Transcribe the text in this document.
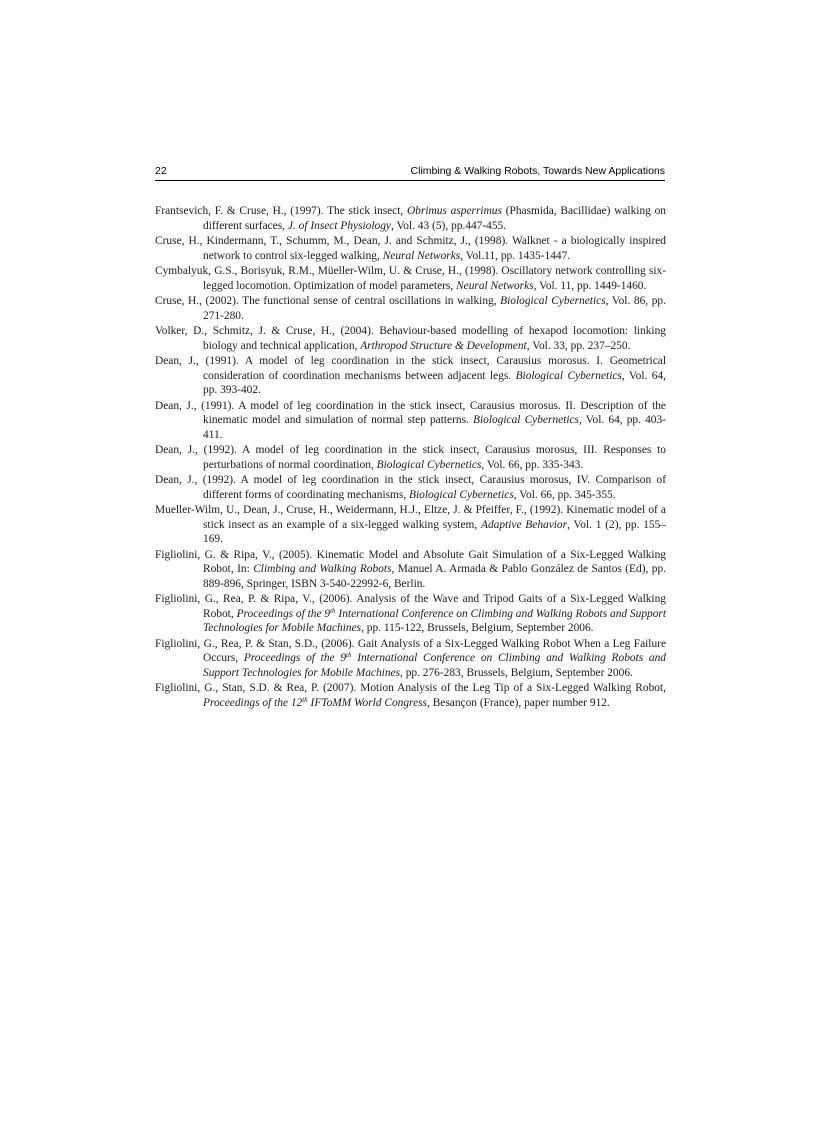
22	Climbing & Walking Robots, Towards New Applications

Frantsevich, F. & Cruse, H., (1997). The stick insect, Obrimus asperrimus (Phasmida, Bacillidae) walking on different surfaces, J. of Insect Physiology, Vol. 43 (5), pp.447-455.

Cruse, H., Kindermann, T., Schumm, M., Dean, J. and Schmitz, J., (1998). Walknet - a biologically inspired network to control six-legged walking, Neural Networks, Vol.11, pp. 1435-1447.

Cymbalyuk, G.S., Borisyuk, R.M., Müeller-Wilm, U. & Cruse, H., (1998). Oscillatory network controlling six-legged locomotion. Optimization of model parameters, Neural Networks, Vol. 11, pp. 1449-1460.

Cruse, H., (2002). The functional sense of central oscillations in walking, Biological Cybernetics, Vol. 86, pp. 271-280.

Volker, D., Schmitz, J. & Cruse, H., (2004). Behaviour-based modelling of hexapod locomotion: linking biology and technical application, Arthropod Structure & Development, Vol. 33, pp. 237–250.

Dean, J., (1991). A model of leg coordination in the stick insect, Carausius morosus. I. Geometrical consideration of coordination mechanisms between adjacent legs. Biological Cybernetics, Vol. 64, pp. 393-402.

Dean, J., (1991). A model of leg coordination in the stick insect, Carausius morosus. II. Description of the kinematic model and simulation of normal step patterns. Biological Cybernetics, Vol. 64, pp. 403-411.

Dean, J., (1992). A model of leg coordination in the stick insect, Carausius morosus, III. Responses to perturbations of normal coordination, Biological Cybernetics, Vol. 66, pp. 335-343.

Dean, J., (1992). A model of leg coordination in the stick insect, Carausius morosus, IV. Comparison of different forms of coordinating mechanisms, Biological Cybernetics, Vol. 66, pp. 345-355.

Mueller-Wilm, U., Dean, J., Cruse, H., Weidermann, H.J., Eltze, J. & Pfeiffer, F., (1992). Kinematic model of a stick insect as an example of a six-legged walking system, Adaptive Behavior, Vol. 1 (2), pp. 155–169.

Figliolini, G. & Ripa, V., (2005). Kinematic Model and Absolute Gait Simulation of a Six-Legged Walking Robot, In: Climbing and Walking Robots, Manuel A. Armada & Pablo González de Santos (Ed), pp. 889-896, Springer, ISBN 3-540-22992-6, Berlin.

Figliolini, G., Rea, P. & Ripa, V., (2006). Analysis of the Wave and Tripod Gaits of a Six-Legged Walking Robot, Proceedings of the 9th International Conference on Climbing and Walking Robots and Support Technologies for Mobile Machines, pp. 115-122, Brussels, Belgium, September 2006.

Figliolini, G., Rea, P. & Stan, S.D., (2006). Gait Analysis of a Six-Legged Walking Robot When a Leg Failure Occurs, Proceedings of the 9th International Conference on Climbing and Walking Robots and Support Technologies for Mobile Machines, pp. 276-283, Brussels, Belgium, September 2006.

Figliolini, G., Stan, S.D. & Rea, P. (2007). Motion Analysis of the Leg Tip of a Six-Legged Walking Robot, Proceedings of the 12th IFToMM World Congress, Besançon (France), paper number 912.
